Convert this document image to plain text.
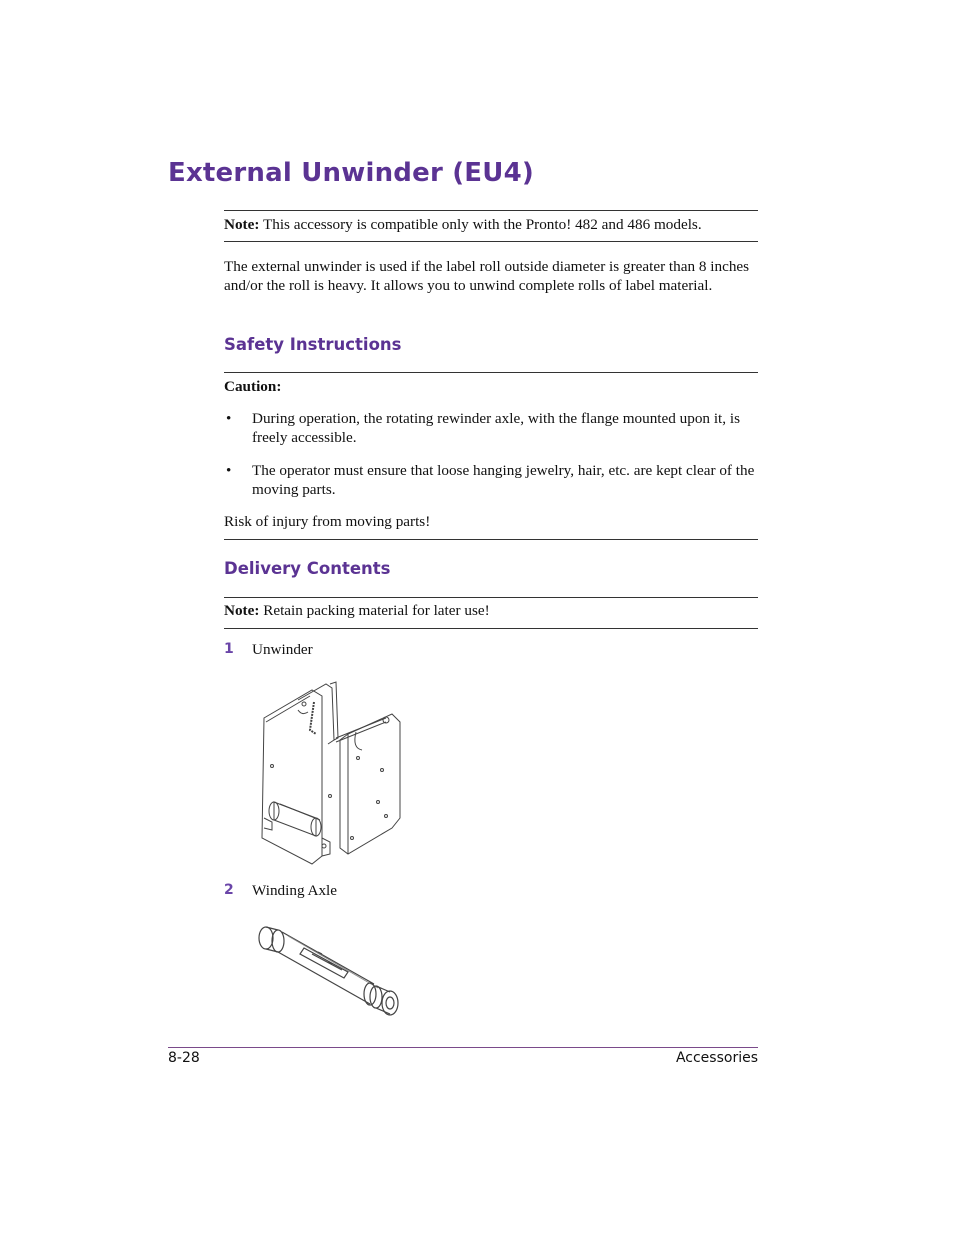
External Unwinder (EU4)
Note: This accessory is compatible only with the Pronto! 482 and 486 models.
The external unwinder is used if the label roll outside diameter is greater than 8 inches and/or the roll is heavy. It allows you to unwind complete rolls of label material.
Safety Instructions
Caution:
• During operation, the rotating rewinder axle, with the flange mounted upon it, is freely accessible.
• The operator must ensure that loose hanging jewelry, hair, etc. are kept clear of the moving parts.
Risk of injury from moving parts!
Delivery Contents
Note: Retain packing material for later use!
1 Unwinder
2 Winding Axle
8-28	Accessories
